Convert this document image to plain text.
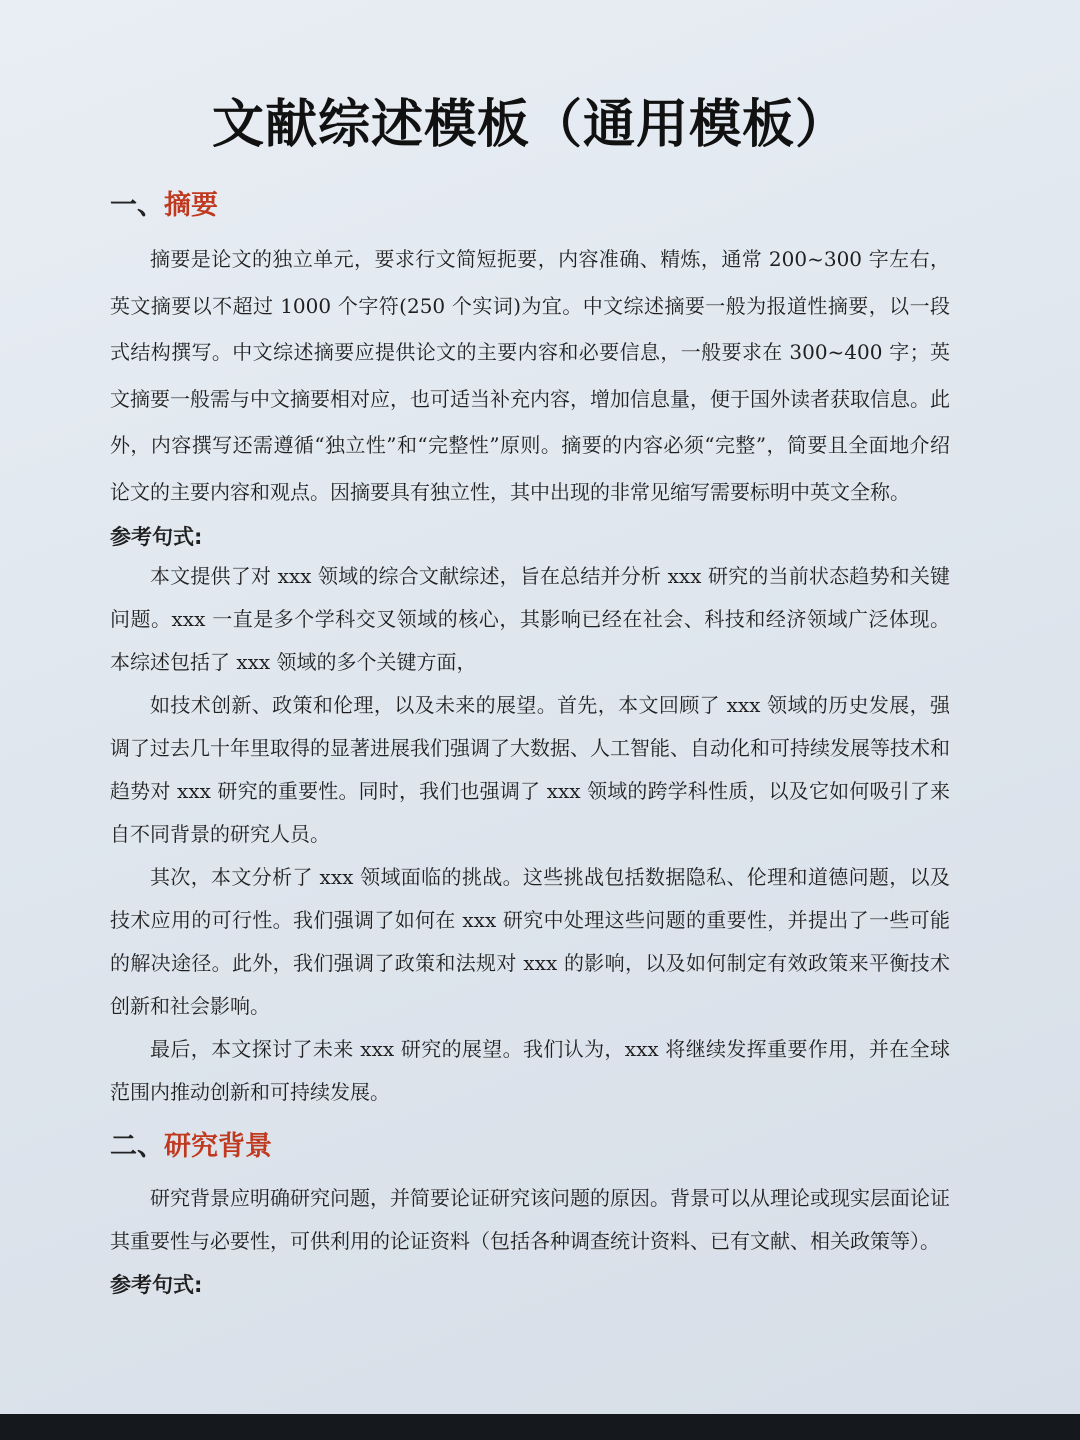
文献综述模板（通用模板）
一、摘要

摘要是论文的独立单元，要求行文简短扼要，内容准确、精炼，通常 200~300 字左右，英文摘要以不超过 1000 个字符(250 个实词)为宜。中文综述摘要一般为报道性摘要，以一段式结构撰写。中文综述摘要应提供论文的主要内容和必要信息，一般要求在 300~400 字；英文摘要一般需与中文摘要相对应，也可适当补充内容，增加信息量，便于国外读者获取信息。此外，内容撰写还需遵循“独立性”和“完整性”原则。摘要的内容必须“完整”，简要且全面地介绍论文的主要内容和观点。因摘要具有独立性，其中出现的非常见缩写需要标明中英文全称。

参考句式:

本文提供了对 xxx 领域的综合文献综述，旨在总结并分析 xxx 研究的当前状态趋势和关键问题。xxx 一直是多个学科交叉领域的核心，其影响已经在社会、科技和经济领域广泛体现。本综述包括了 xxx 领域的多个关键方面，

如技术创新、政策和伦理，以及未来的展望。首先，本文回顾了 xxx 领域的历史发展，强调了过去几十年里取得的显著进展我们强调了大数据、人工智能、自动化和可持续发展等技术和趋势对 xxx 研究的重要性。同时，我们也强调了 xxx 领域的跨学科性质，以及它如何吸引了来自不同背景的研究人员。

其次，本文分析了 xxx 领域面临的挑战。这些挑战包括数据隐私、伦理和道德问题，以及技术应用的可行性。我们强调了如何在 xxx 研究中处理这些问题的重要性，并提出了一些可能的解决途径。此外，我们强调了政策和法规对 xxx 的影响，以及如何制定有效政策来平衡技术创新和社会影响。

最后，本文探讨了未来 xxx 研究的展望。我们认为，xxx 将继续发挥重要作用，并在全球范围内推动创新和可持续发展。

二、研究背景

研究背景应明确研究问题，并简要论证研究该问题的原因。背景可以从理论或现实层面论证其重要性与必要性，可供利用的论证资料（包括各种调查统计资料、已有文献、相关政策等）。

参考句式:
